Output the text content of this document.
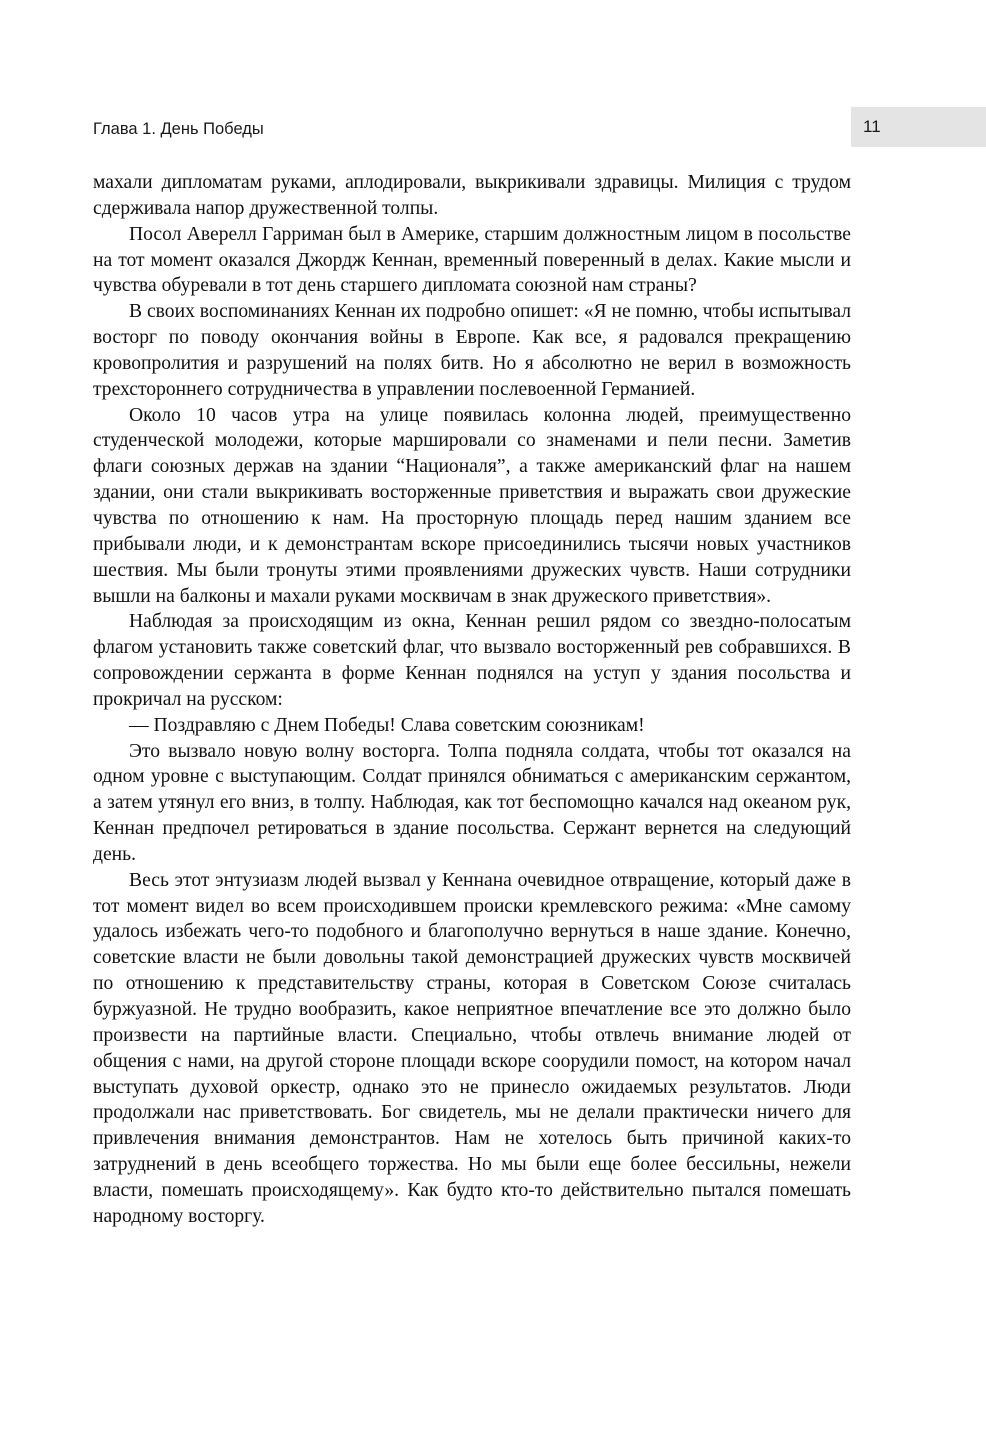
Глава 1. День Победы	11

махали дипломатам руками, аплодировали, выкрикивали здравицы. Милиция с трудом сдерживала напор дружественной толпы.

Посол Аверелл Гарриман был в Америке, старшим должностным лицом в посольстве на тот момент оказался Джордж Кеннан, временный поверенный в делах. Какие мысли и чувства обуревали в тот день старшего дипломата союзной нам страны?

В своих воспоминаниях Кеннан их подробно опишет: «Я не помню, чтобы испытывал восторг по поводу окончания войны в Европе. Как все, я радовался прекращению кровопролития и разрушений на полях битв. Но я абсолютно не верил в возможность трехстороннего сотрудничества в управлении послевоенной Германией.

Около 10 часов утра на улице появилась колонна людей, преимущественно студенческой молодежи, которые маршировали со знаменами и пели песни. Заметив флаги союзных держав на здании “Националя”, а также американский флаг на нашем здании, они стали выкрикивать восторженные приветствия и выражать свои дружеские чувства по отношению к нам. На просторную площадь перед нашим зданием все прибывали люди, и к демонстрантам вскоре присоединились тысячи новых участников шествия. Мы были тронуты этими проявлениями дружеских чувств. Наши сотрудники вышли на балконы и махали руками москвичам в знак дружеского приветствия».

Наблюдая за происходящим из окна, Кеннан решил рядом со звездно-полосатым флагом установить также советский флаг, что вызвало восторженный рев собравшихся. В сопровождении сержанта в форме Кеннан поднялся на уступ у здания посольства и прокричал на русском:

— Поздравляю с Днем Победы! Слава советским союзникам!

Это вызвало новую волну восторга. Толпа подняла солдата, чтобы тот оказался на одном уровне с выступающим. Солдат принялся обниматься с американским сержантом, а затем утянул его вниз, в толпу. Наблюдая, как тот беспомощно качался над океаном рук, Кеннан предпочел ретироваться в здание посольства. Сержант вернется на следующий день.

Весь этот энтузиазм людей вызвал у Кеннана очевидное отвращение, который даже в тот момент видел во всем происходившем происки кремлевского режима: «Мне самому удалось избежать чего-то подобного и благополучно вернуться в наше здание. Конечно, советские власти не были довольны такой демонстрацией дружеских чувств москвичей по отношению к представительству страны, которая в Советском Союзе считалась буржуазной. Не трудно вообразить, какое неприятное впечатление все это должно было произвести на партийные власти. Специально, чтобы отвлечь внимание людей от общения с нами, на другой стороне площади вскоре соорудили помост, на котором начал выступать духовой оркестр, однако это не принесло ожидаемых результатов. Люди продолжали нас приветствовать. Бог свидетель, мы не делали практически ничего для привлечения внимания демонстрантов. Нам не хотелось быть причиной каких-то затруднений в день всеобщего торжества. Но мы были еще более бессильны, нежели власти, помешать происходящему». Как будто кто-то действительно пытался помешать народному восторгу.
